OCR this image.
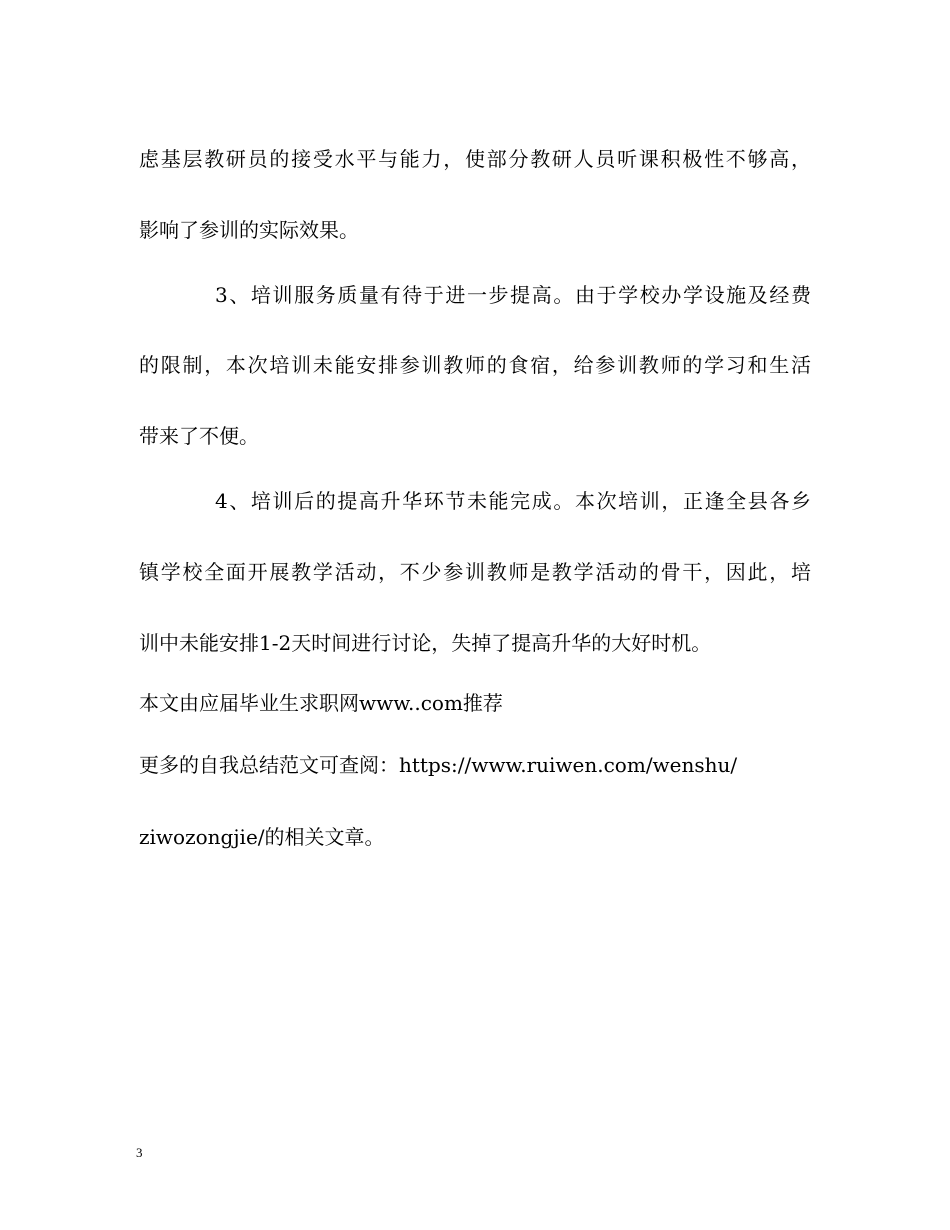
虑基层教研员的接受水平与能力，使部分教研人员听课积极性不够高，
影响了参训的实际效果。
3、培训服务质量有待于进一步提高。由于学校办学设施及经费
的限制，本次培训未能安排参训教师的食宿，给参训教师的学习和生活
带来了不便。
4、培训后的提高升华环节未能完成。本次培训，正逢全县各乡
镇学校全面开展教学活动，不少参训教师是教学活动的骨干，因此，培
训中未能安排1-2天时间进行讨论，失掉了提高升华的大好时机。
本文由应届毕业生求职网www..com推荐
更多的自我总结范文可查阅：https://www.ruiwen.com/wenshu/
ziwozongjie/的相关文章。
3
